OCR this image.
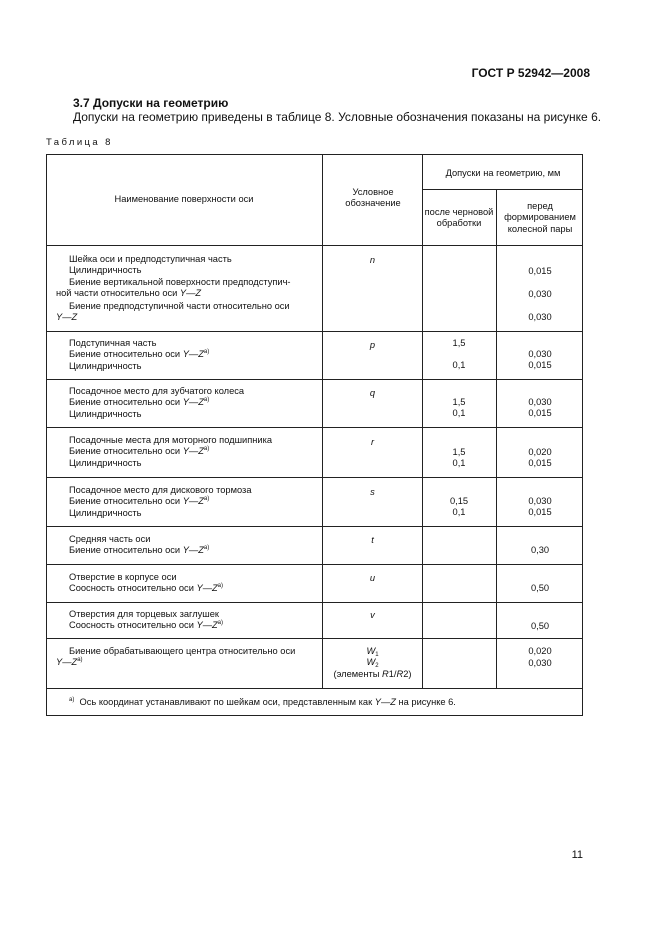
ГОСТ Р 52942—2008
3.7 Допуски на геометрию
Допуски на геометрию приведены в таблице 8. Условные обозначения показаны на рисунке 6.
Таблица 8
Наименование поверхности оси
Условное обозначение
Допуски на геометрию, мм
после черновой обработки
перед формированием колесной пары
Шейка оси и предподступичная часть
Цилиндричность
Биение вертикальной поверхности предподступич-
ной части относительно оси Y—Z
Биение предподступичной части относительно оси
Y—Z
n
0,015
0,030
0,030
Подступичная часть
Биение относительно оси $Y—Z^{a)}$
Цилиндричность
p	1,5
0,1
0,030
0,015
Посадочное место для зубчатого колеса
Биение относительно оси $Y—Z^{a)}$
Цилиндричность
q
1,5
0,1
0,030
0,015
Посадочные места для моторного подшипника
Биение относительно оси $Y—Z^{a)}$
Цилиндричность
r
1,5
0,1
0,020
0,015
Посадочное место для дискового тормоза
Биение относительно оси $Y—Z^{a)}$
Цилиндричность
s
0,15
0,1
0,030
0,015
Средняя часть оси
Биение относительно оси $Y—Z^{a)}$
t
0,30
Отверстие в корпусе оси
Соосность относительно оси $Y—Z^{a)}$
u
0,50
Отверстия для торцевых заглушек
Соосность относительно оси $Y—Z^{a)}$
v
0,50
Биение обрабатывающего центра относительно оси
$Y—Z^{a)}$
$W_1$
$W_2$
(элементы R1/R2)
0,020
0,030
$^{a)}$  Ось координат устанавливают по шейкам оси, представленным как Y—Z на рисунке 6.
11
